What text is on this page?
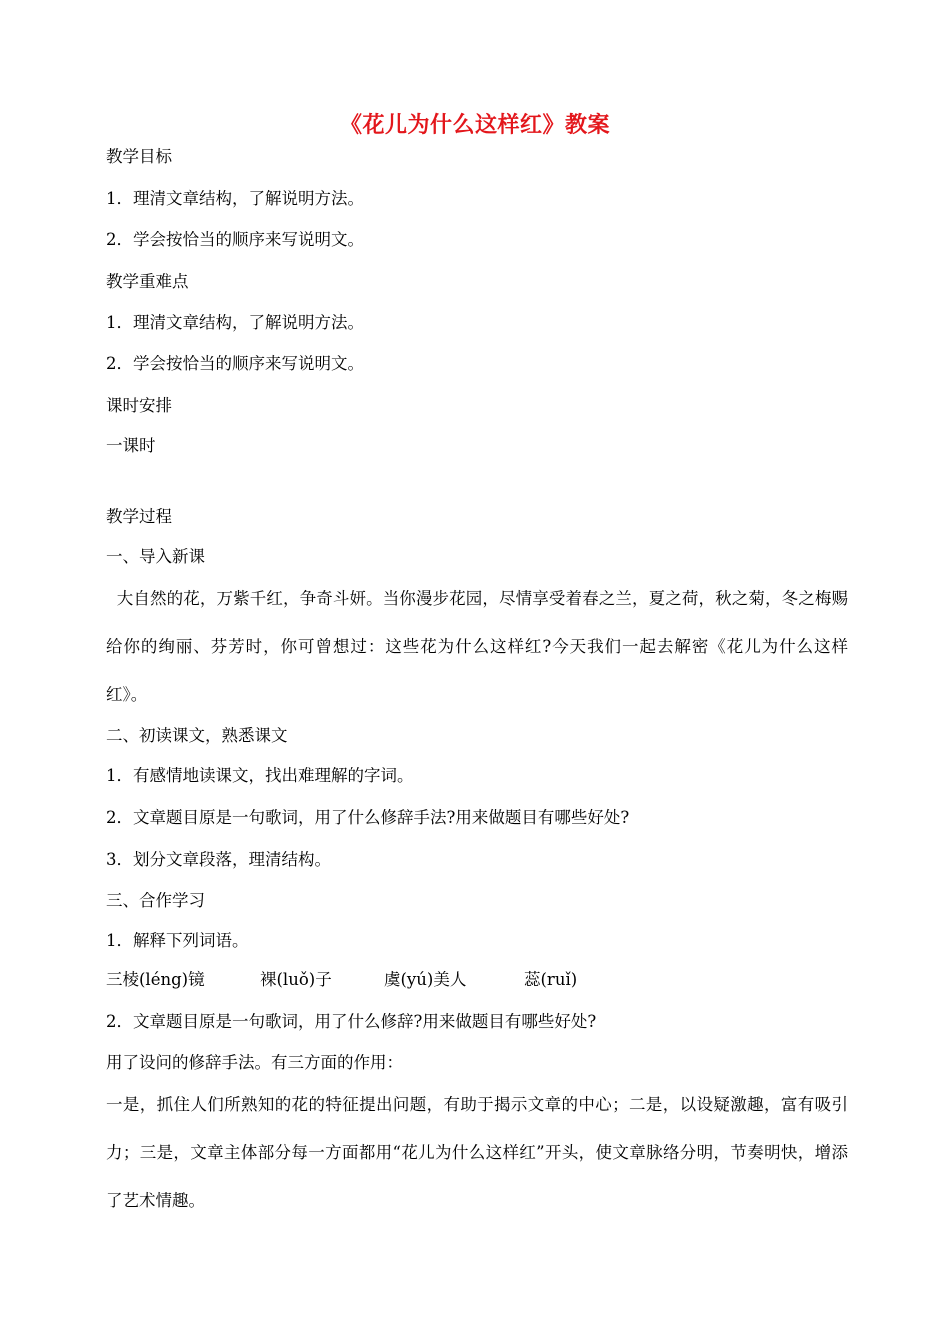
《花儿为什么这样红》教案
教学目标
1．理清文章结构，了解说明方法。
2．学会按恰当的顺序来写说明文。
教学重难点
1．理清文章结构，了解说明方法。
2．学会按恰当的顺序来写说明文。
课时安排
一课时
教学过程
一、导入新课
大自然的花，万紫千红，争奇斗妍。当你漫步花园，尽情享受着春之兰，夏之荷，秋之菊，冬之梅赐给你的绚丽、芬芳时，你可曾想过：这些花为什么这样红?今天我们一起去解密《花儿为什么这样红》。
二、初读课文，熟悉课文
1．有感情地读课文，找出难理解的字词。
2．文章题目原是一句歌词，用了什么修辞手法?用来做题目有哪些好处?
3．划分文章段落，理清结构。
三、合作学习
1．解释下列词语。
三棱(léng)镜	裸(luǒ)子	虞(yú)美人	蕊(ruǐ)
2．文章题目原是一句歌词，用了什么修辞?用来做题目有哪些好处?
用了设问的修辞手法。有三方面的作用：
一是，抓住人们所熟知的花的特征提出问题，有助于揭示文章的中心；二是，以设疑激趣，富有吸引力；三是，文章主体部分每一方面都用“花儿为什么这样红”开头，使文章脉络分明，节奏明快，增添了艺术情趣。
